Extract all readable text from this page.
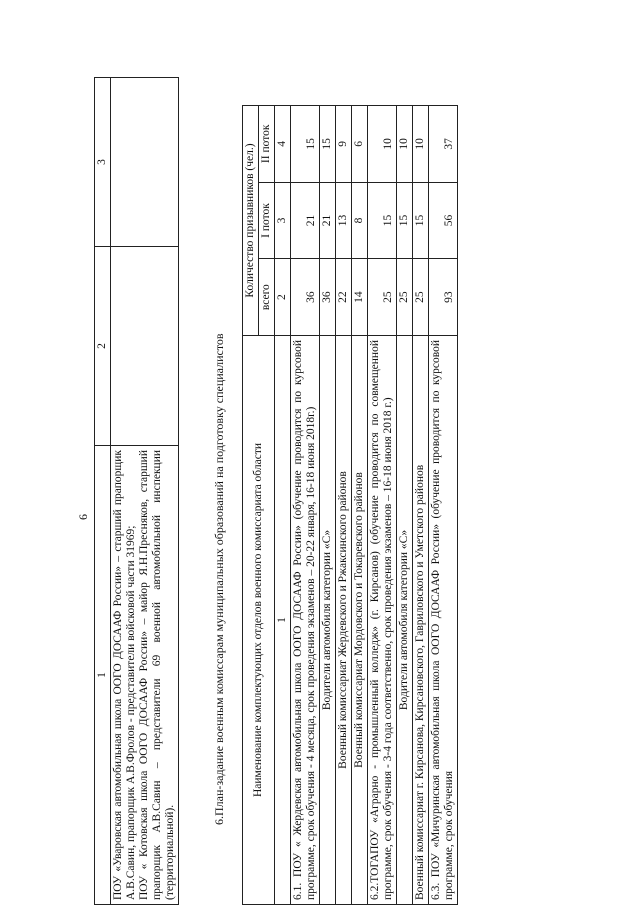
6
1	2	3

ПОУ «Уваровская автомобильная школа ООГО ДОСААФ России» – старший прапорщик А.В.Савин, прапорщик А.В.Фролов - представители войсковой части 31969; ПОУ « Котовская школа ООГО ДОСААФ России» – майор Я.Н.Пресняков, старший прапорщик А.В.Савин – представители 69 военной автомобильной инспекции (территориальной).		

6.План-задание военным комиссарам муниципальных образований на подготовку специалистов Наименование комплектующих отделов военного комиссариата области	Количество призывников (чел.)		
	всего	I поток	II поток
1	2	3	4
6.1. ПОУ « Жердевская автомобильная школа ООГО ДОСААФ России» (обучение проводится по курсовой программе, срок обучения - 4 месяца, срок проведения экзаменов – 20-22 января, 16-18 июня 2018г.)	36	21	15
Водители автомобиля категории «С»	36	21	15
Военный комиссариат Жердевского и Ржаксинского районов	22	13	9
Военный комиссариат Мордовского и Токаревского районов	14	8	6
6.2.ТОГАПОУ «Аграрно - промышленный колледж» (г. Кирсанов) (обучение проводится по совмещенной программе, срок обучения - 3-4 года соответственно, срок проведения экзаменов – 16-18 июня 2018 г.)	25	15	10
Водители автомобиля категории «С»	25	15	10
Военный комиссариат г. Кирсанова, Кирсановского, Гавриловского и Уметского районов	25	15	10
6.3. ПОУ «Мичуринская автомобильная школа ООГО ДОСААФ России» (обучение проводится по курсовой программе, срок обучения	93	56	37
